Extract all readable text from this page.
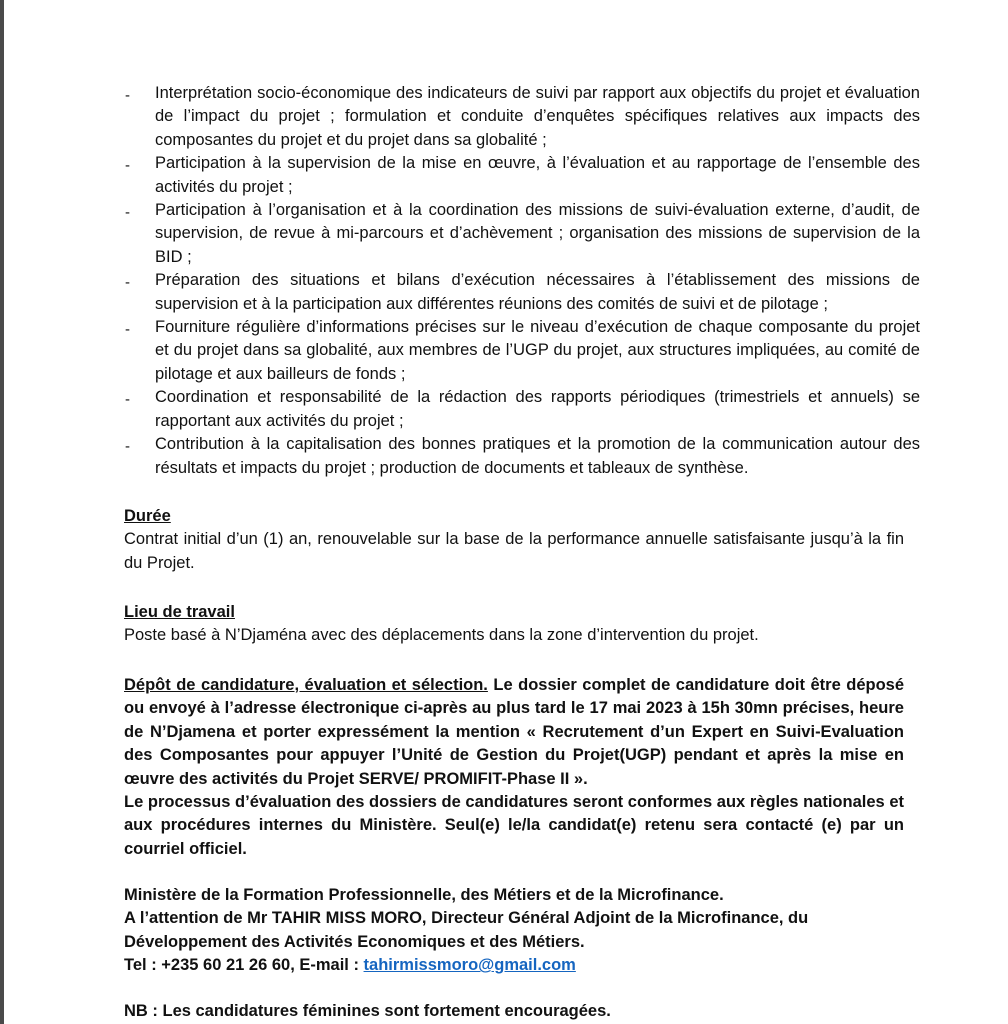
- Interprétation socio-économique des indicateurs de suivi par rapport aux objectifs du projet et évaluation de l’impact du projet ; formulation et conduite d’enquêtes spécifiques relatives aux impacts des composantes du projet et du projet dans sa globalité ;
- Participation à la supervision de la mise en œuvre, à l’évaluation et au rapportage de l’ensemble des activités du projet ;
- Participation à l’organisation et à la coordination des missions de suivi-évaluation externe, d’audit, de supervision, de revue à mi-parcours et d’achèvement ; organisation des missions de supervision de la BID ;
- Préparation des situations et bilans d’exécution nécessaires à l’établissement des missions de supervision et à la participation aux différentes réunions des comités de suivi et de pilotage ;
- Fourniture régulière d’informations précises sur le niveau d’exécution de chaque composante du projet et du projet dans sa globalité, aux membres de l’UGP du projet, aux structures impliquées, au comité de pilotage et aux bailleurs de fonds ;
- Coordination et responsabilité de la rédaction des rapports périodiques (trimestriels et annuels) se rapportant aux activités du projet ;
- Contribution à la capitalisation des bonnes pratiques et la promotion de la communication autour des résultats et impacts du projet ; production de documents et tableaux de synthèse.
Durée
Contrat initial d’un (1) an, renouvelable sur la base de la performance annuelle satisfaisante jusqu’à la fin du Projet.
Lieu de travail
Poste basé à N’Djaména avec des déplacements dans la zone d’intervention du projet.
Dépôt de candidature, évaluation et sélection. Le dossier complet de candidature doit être déposé ou envoyé à l’adresse électronique ci-après au plus tard le 17 mai 2023 à 15h 30mn précises, heure de N’Djamena et porter expressément la mention « Recrutement d’un Expert en Suivi-Evaluation des Composantes pour appuyer l’Unité de Gestion du Projet(UGP) pendant et après la mise en œuvre des activités du Projet SERVE/ PROMIFIT-Phase II ».
Le processus d’évaluation des dossiers de candidatures seront conformes aux règles nationales et aux procédures internes du Ministère. Seul(e) le/la candidat(e) retenu sera contacté (e) par un courriel officiel.
Ministère de la Formation Professionnelle, des Métiers et de la Microfinance.
A l’attention de Mr TAHIR MISS MORO, Directeur Général Adjoint de la Microfinance, du
Développement des Activités Economiques et des Métiers.
Tel : +235 60 21 26 60, E-mail : tahirmissmoro@gmail.com
NB : Les candidatures féminines sont fortement encouragées.
